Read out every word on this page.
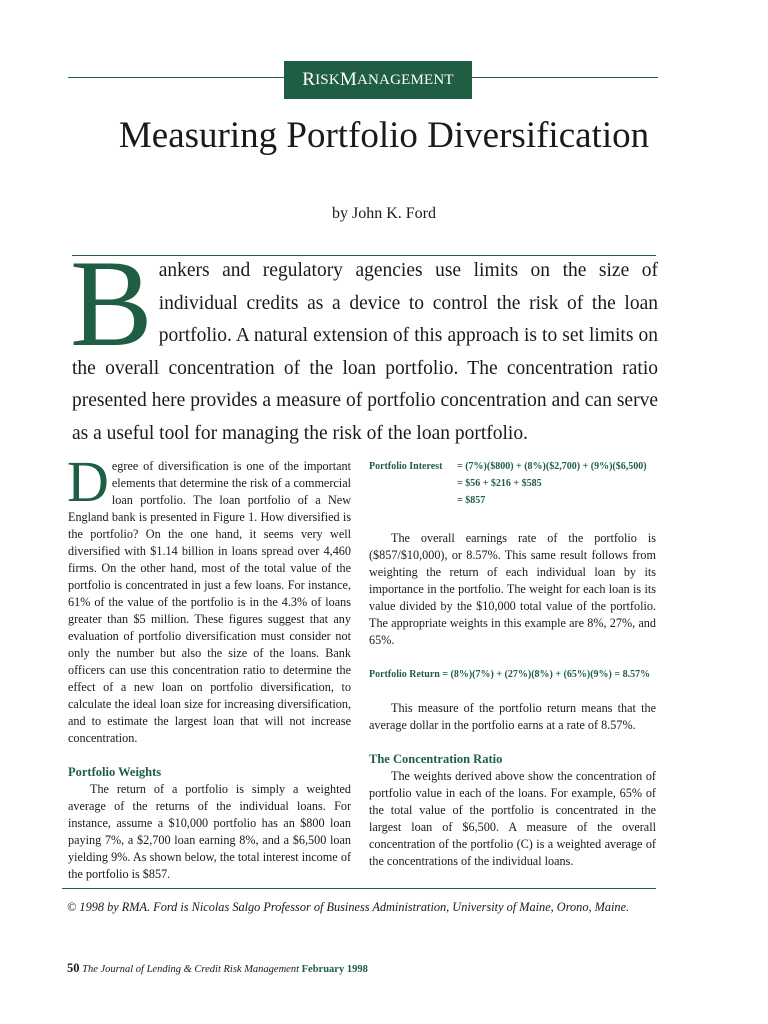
R ISK M ANAGEMENT
Measuring Portfolio Diversification

by John K. Ford

Bankers and regulatory agencies use limits on the size of individual credits as a device to control the risk of the loan portfolio. A natural extension of this approach is to set limits on the overall concentration of the loan portfolio. The concentration ratio presented here provides a measure of portfolio concentration and can serve as a useful tool for managing the risk of the loan portfolio.

Degree of diversification is one of the important elements that determine the risk of a commercial loan portfolio. The loan portfolio of a New England bank is presented in Figure 1. How diversified is the portfolio? On the one hand, it seems very well diversified with $1.14 billion in loans spread over 4,460 firms. On the other hand, most of the total value of the portfolio is concentrated in just a few loans. For instance, 61% of the value of the portfolio is in the 4.3% of loans greater than $5 million. These figures suggest that any evaluation of portfolio diversification must consider not only the number but also the size of the loans. Bank officers can use this concentration ratio to determine the effect of a new loan on portfolio diversification, to calculate the ideal loan size for increasing diversification, and to estimate the largest loan that will not increase concentration.

Portfolio Weights

The return of a portfolio is simply a weighted average of the returns of the individual loans. For instance, assume a $10,000 portfolio has an $800 loan paying 7%, a $2,700 loan earning 8%, and a $6,500 loan yielding 9%. As shown below, the total interest income of the portfolio is $857.

Portfolio Interest	= (7%)($800) + (8%)($2,700) + (9%)($6,500)
	= $56 + $216 + $585
	= $857

The overall earnings rate of the portfolio is ($857/$10,000), or 8.57%. This same result follows from weighting the return of each individual loan by its importance in the portfolio. The weight for each loan is its value divided by the $10,000 total value of the portfolio. The appropriate weights in this example are 8%, 27%, and 65%.

Portfolio Return = (8%)(7%) + (27%)(8%) + (65%)(9%) = 8.57%

This measure of the portfolio return means that the average dollar in the portfolio earns at a rate of 8.57%.

The Concentration Ratio

The weights derived above show the concentration of portfolio value in each of the loans. For example, 65% of the total value of the portfolio is concentrated in the largest loan of $6,500. A measure of the overall concentration of the portfolio (C) is a weighted average of the concentrations of the individual loans.

© 1998 by RMA. Ford is Nicolas Salgo Professor of Business Administration, University of Maine, Orono, Maine.

50 The Journal of Lending & Credit Risk Management February 1998
